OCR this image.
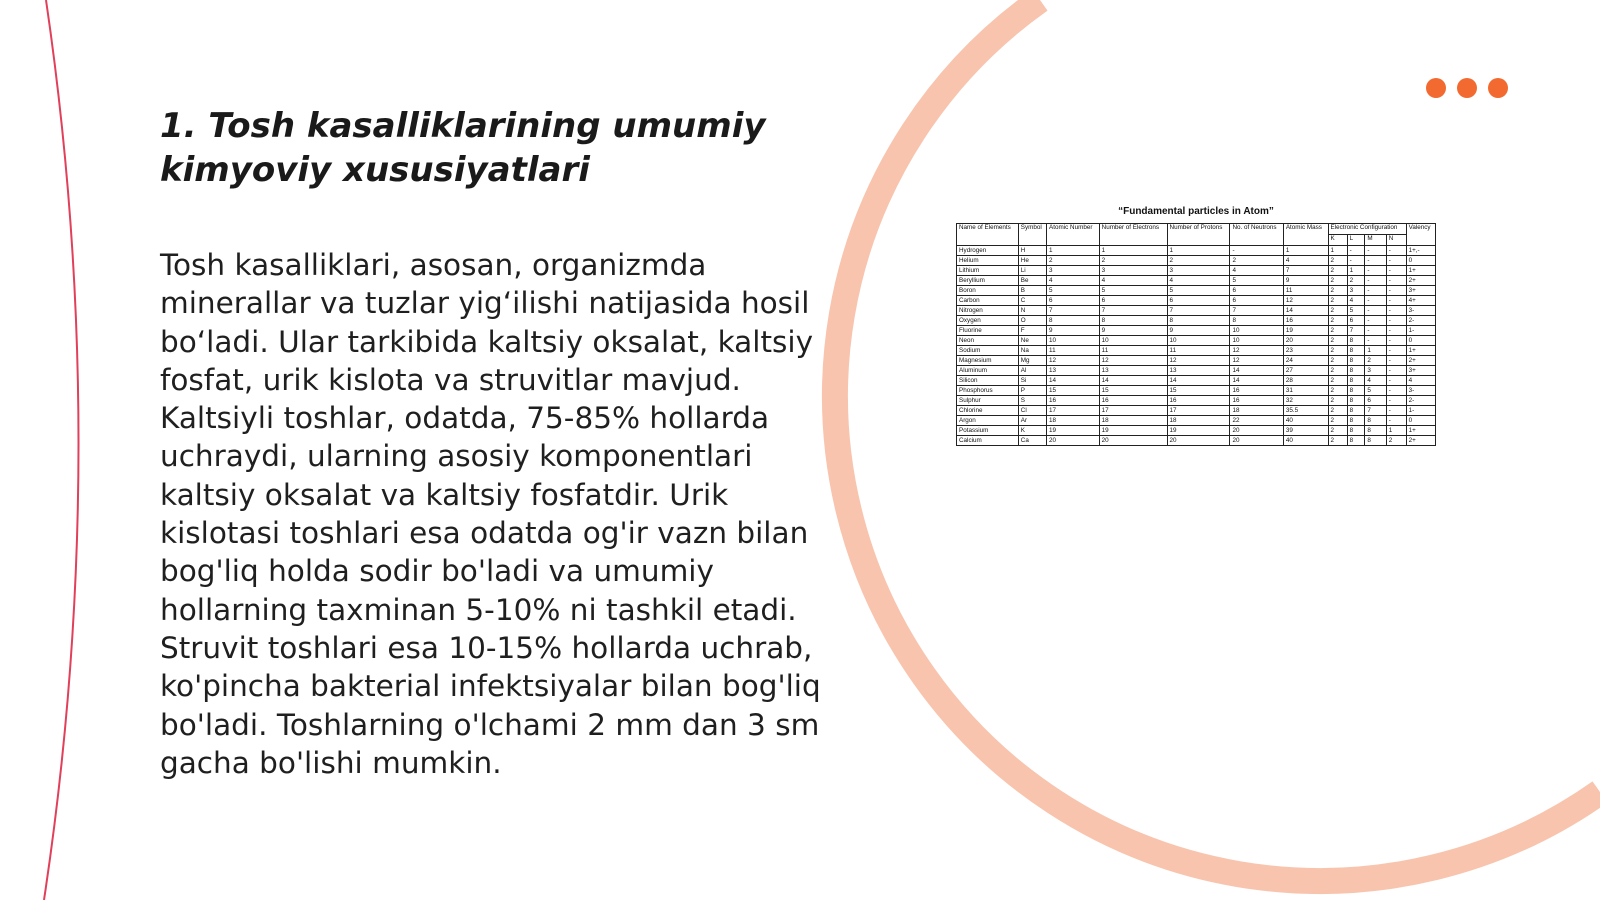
1. Tosh kasalliklarining umumiy kimyoviy xususiyatlari

Tosh kasalliklari, asosan, organizmda minerallar va tuzlar yig‘ilishi natijasida hosil bo‘ladi. Ular tarkibida kaltsiy oksalat, kaltsiy fosfat, urik kislota va struvitlar mavjud. Kaltsiyli toshlar, odatda, 75-85% hollarda uchraydi, ularning asosiy komponentlari kaltsiy oksalat va kaltsiy fosfatdir. Urik kislotasi toshlari esa odatda og'ir vazn bilan bog'liq holda sodir bo'ladi va umumiy hollarning taxminan 5-10% ni tashkil etadi. Struvit toshlari esa 10-15% hollarda uchrab, ko'pincha bakterial infektsiyalar bilan bog'liq bo'ladi. Toshlarning o'lchami 2 mm dan 3 sm gacha bo'lishi mumkin.

“Fundamental particles in Atom”
Name of Elements	Symbol	Atomic Number	Number of Electrons	Number of Protons	No. of Neutrons	Atomic Mass	Electronic Configuration				Valency
							K	L	M	N	
Hydrogen	H	1	1	1	-	1	1	-	-	-	1+,-
Helium	He	2	2	2	2	4	2	-	-	-	0
Lithium	Li	3	3	3	4	7	2	1	-	-	1+
Beryllium	Be	4	4	4	5	9	2	2	-	-	2+
Boron	B	5	5	5	6	11	2	3	-	-	3+
Carbon	C	6	6	6	6	12	2	4	-	-	4+
Nitrogen	N	7	7	7	7	14	2	5	-	-	3-
Oxygen	O	8	8	8	8	16	2	6	-	-	2-
Fluorine	F	9	9	9	10	19	2	7	-	-	1-
Neon	Ne	10	10	10	10	20	2	8	-	-	0
Sodium	Na	11	11	11	12	23	2	8	1	-	1+
Magnesium	Mg	12	12	12	12	24	2	8	2	-	2+
Aluminum	Al	13	13	13	14	27	2	8	3	-	3+
Silicon	Si	14	14	14	14	28	2	8	4	-	4
Phosphorus	P	15	15	15	16	31	2	8	5	-	3-
Sulphur	S	16	16	16	16	32	2	8	6	-	2-
Chlorine	Cl	17	17	17	18	35.5	2	8	7	-	1-
Argon	Ar	18	18	18	22	40	2	8	8	-	0
Potassium	K	19	19	19	20	39	2	8	8	1	1+
Calcium	Ca	20	20	20	20	40	2	8	8	2	2+
